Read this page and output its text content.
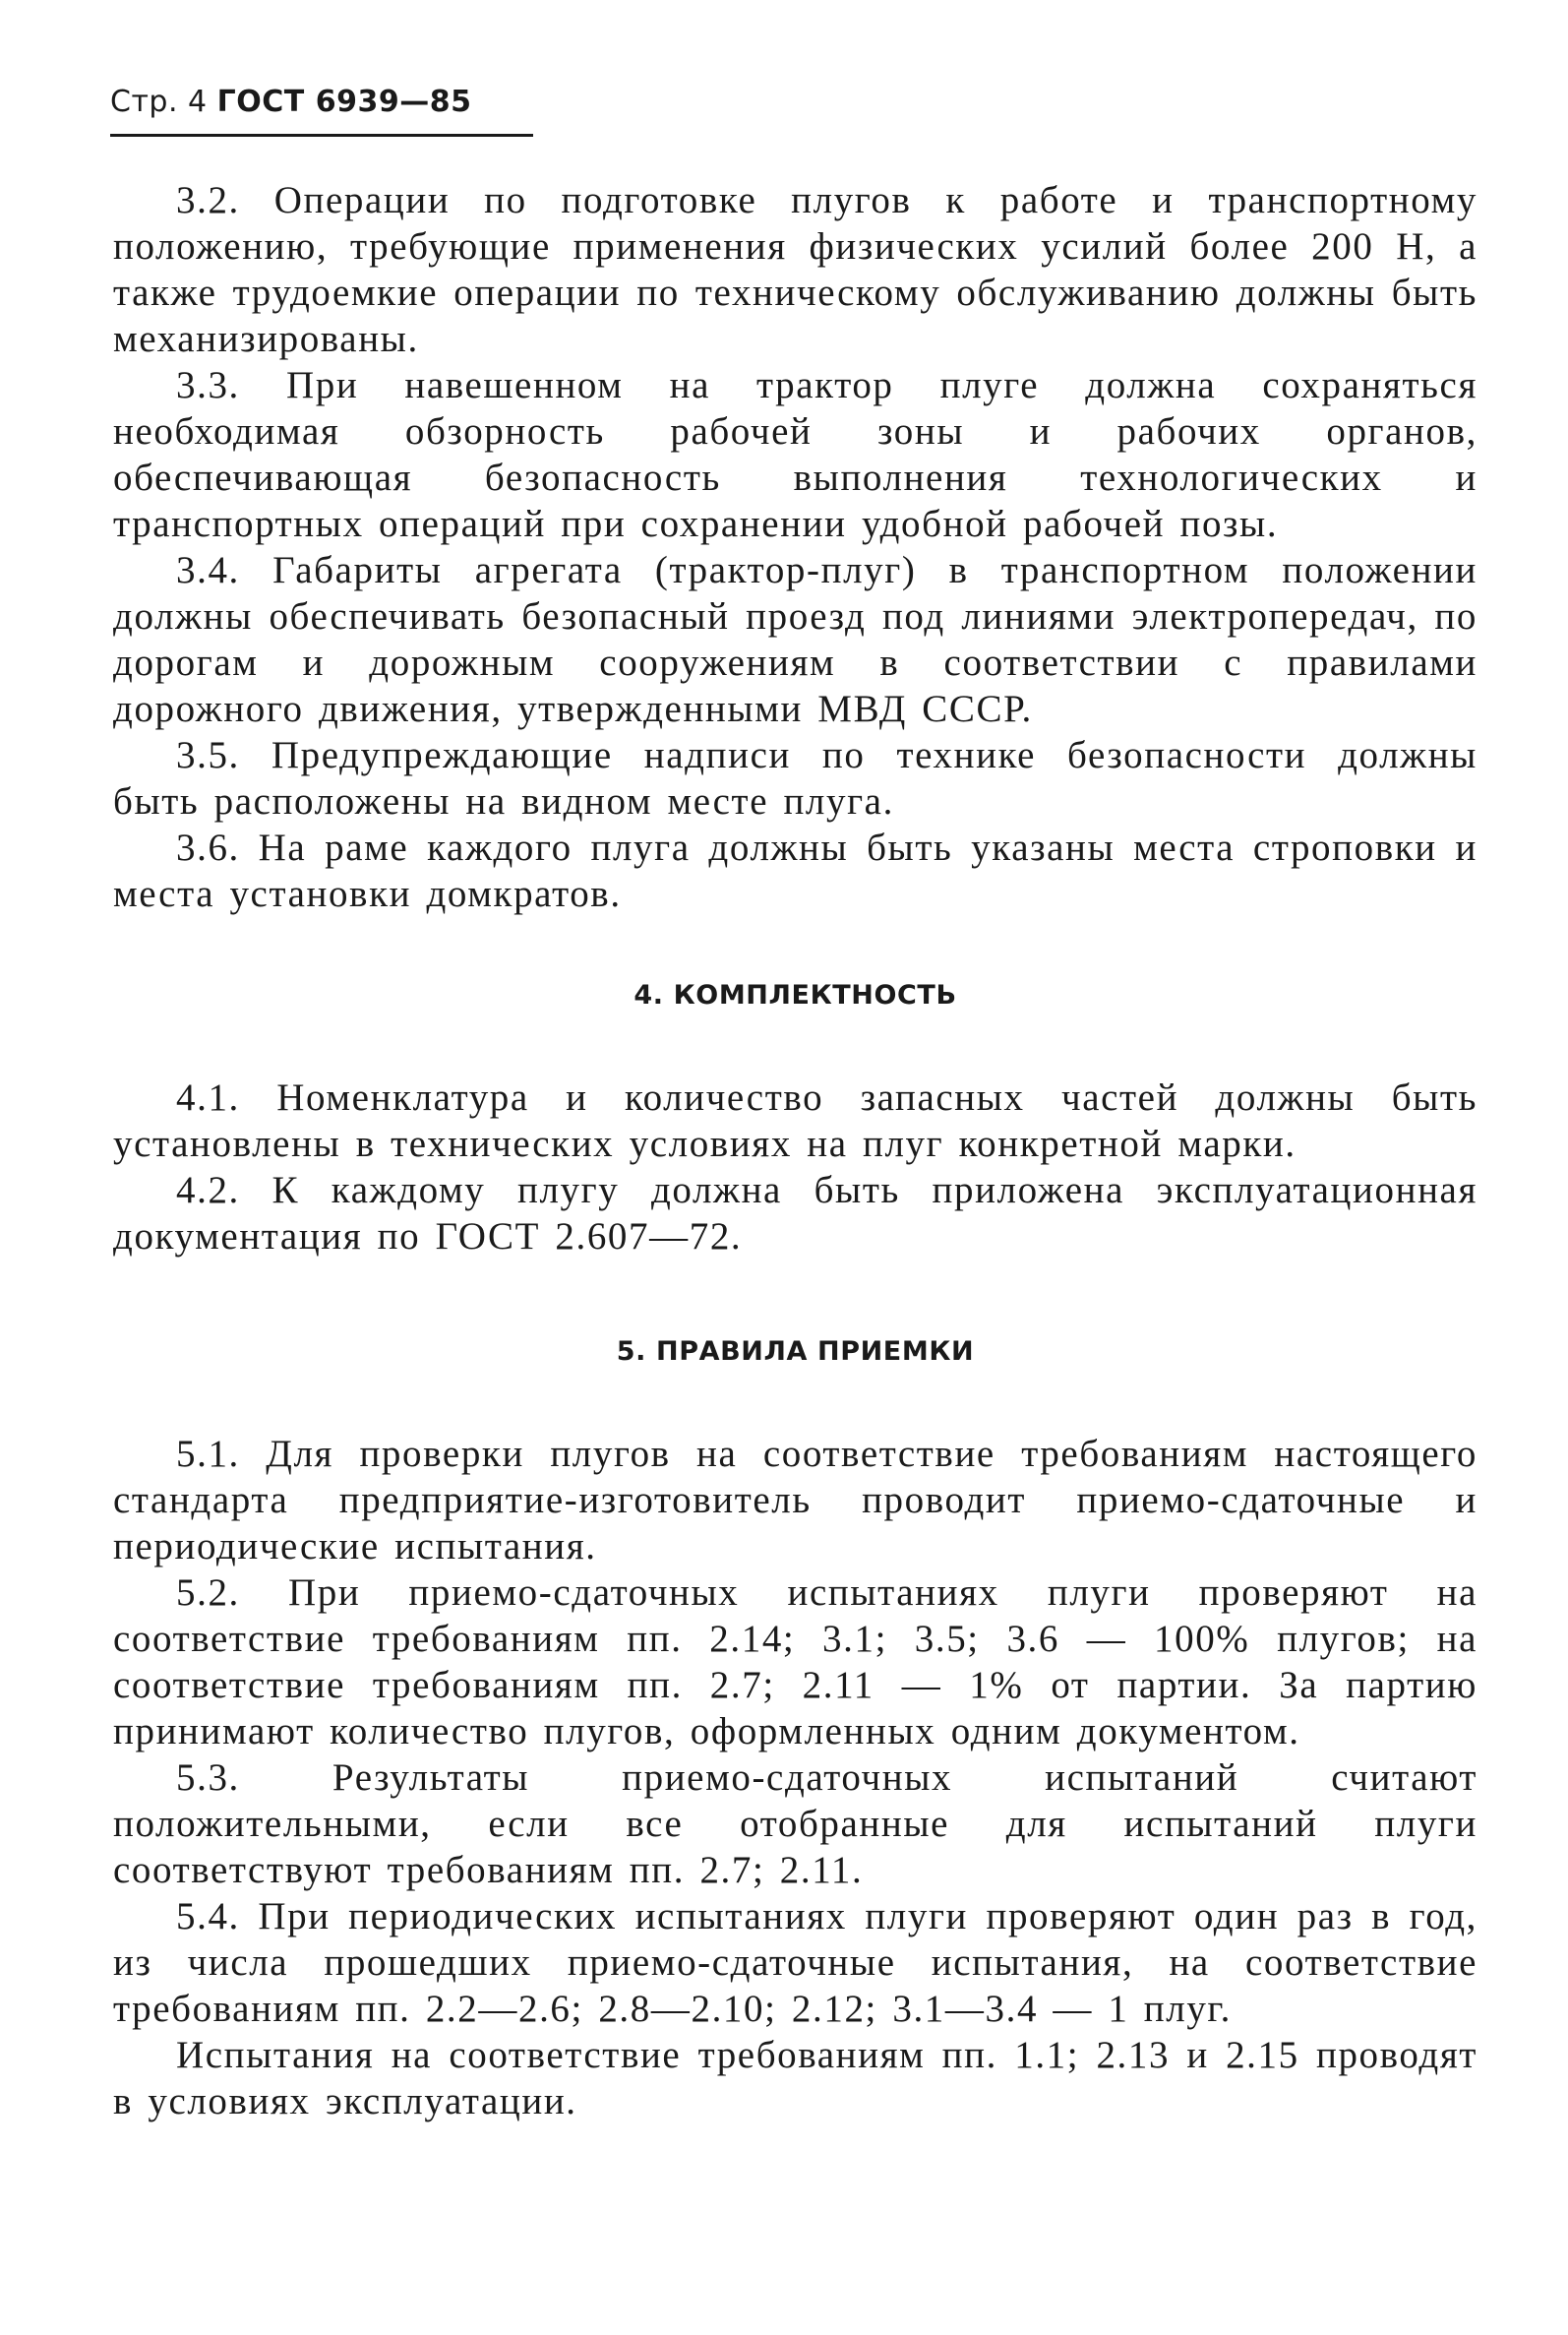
Стр. 4 ГОСТ 6939—85

3.2. Операции по подготовке плугов к работе и транспортному положению, требующие применения физических усилий более 200 Н, а также трудоемкие операции по техническому обслуживанию должны быть механизированы.

3.3. При навешенном на трактор плуге должна сохраняться необходимая обзорность рабочей зоны и рабочих органов, обеспечивающая безопасность выполнения технологических и транспортных операций при сохранении удобной рабочей позы.

3.4. Габариты агрегата (трактор-плуг) в транспортном положении должны обеспечивать безопасный проезд под линиями электропередач, по дорогам и дорожным сооружениям в соответствии с правилами дорожного движения, утвержденными МВД СССР.

3.5. Предупреждающие надписи по технике безопасности должны быть расположены на видном месте плуга.

3.6. На раме каждого плуга должны быть указаны места строповки и места установки домкратов.

4. КОМПЛЕКТНОСТЬ

4.1. Номенклатура и количество запасных частей должны быть установлены в технических условиях на плуг конкретной марки.

4.2. К каждому плугу должна быть приложена эксплуатационная документация по ГОСТ 2.607—72.

5. ПРАВИЛА ПРИЕМКИ

5.1. Для проверки плугов на соответствие требованиям настоящего стандарта предприятие-изготовитель проводит приемо-сдаточные и периодические испытания.

5.2. При приемо-сдаточных испытаниях плуги проверяют на соответствие требованиям пп. 2.14; 3.1; 3.5; 3.6 — 100% плугов; на соответствие требованиям пп. 2.7; 2.11 — 1% от партии. За партию принимают количество плугов, оформленных одним документом.

5.3. Результаты приемо-сдаточных испытаний считают положительными, если все отобранные для испытаний плуги соответствуют требованиям пп. 2.7; 2.11.

5.4. При периодических испытаниях плуги проверяют один раз в год, из числа прошедших приемо-сдаточные испытания, на соответствие требованиям пп. 2.2—2.6; 2.8—2.10; 2.12; 3.1—3.4 — 1 плуг.

Испытания на соответствие требованиям пп. 1.1; 2.13 и 2.15 проводят в условиях эксплуатации.
